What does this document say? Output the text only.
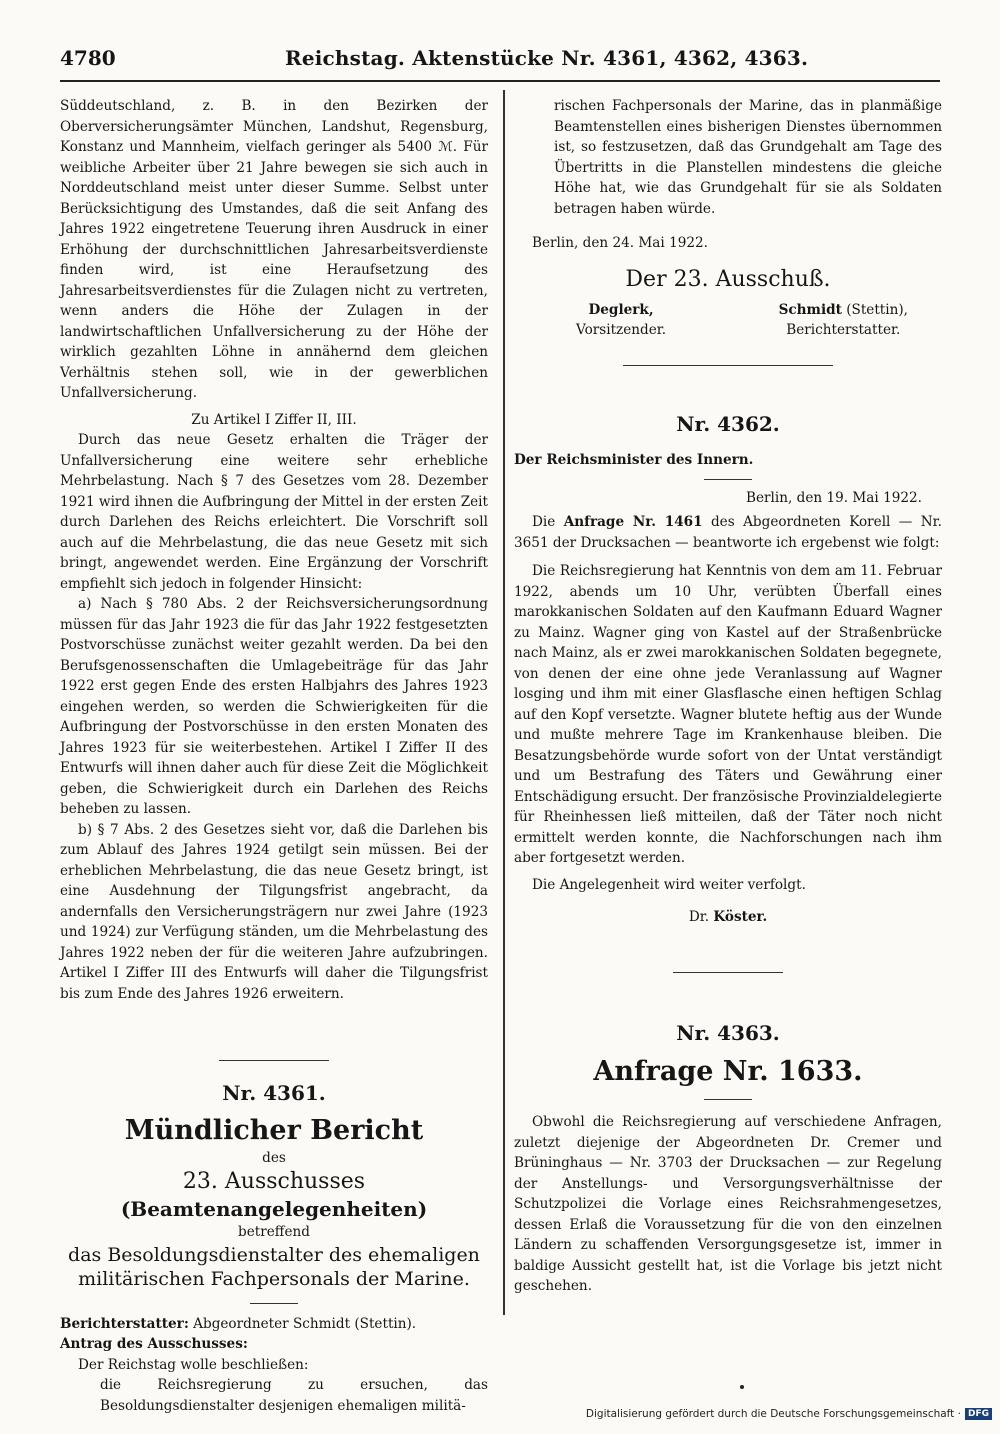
4780	Reichstag. Aktenstücke Nr. 4361, 4362, 4363.

Süddeutschland, z. B. in den Bezirken der Oberversicherungsämter München, Landshut, Regensburg, Konstanz und Mannheim, vielfach geringer als 5400 ℳ. Für weibliche Arbeiter über 21 Jahre bewegen sie sich auch in Norddeutschland meist unter dieser Summe. Selbst unter Berücksichtigung des Umstandes, daß die seit Anfang des Jahres 1922 eingetretene Teuerung ihren Ausdruck in einer Erhöhung der durchschnittlichen Jahresarbeitsverdienste finden wird, ist eine Heraufsetzung des Jahresarbeitsverdienstes für die Zulagen nicht zu vertreten, wenn anders die Höhe der Zulagen in der landwirtschaftlichen Unfallversicherung zu der Höhe der wirklich gezahlten Löhne in annähernd dem gleichen Verhältnis stehen soll, wie in der gewerblichen Unfallversicherung.

Zu Artikel I Ziffer II, III.

Durch das neue Gesetz erhalten die Träger der Unfallversicherung eine weitere sehr erhebliche Mehrbelastung. Nach § 7 des Gesetzes vom 28. Dezember 1921 wird ihnen die Aufbringung der Mittel in der ersten Zeit durch Darlehen des Reichs erleichtert. Die Vorschrift soll auch auf die Mehrbelastung, die das neue Gesetz mit sich bringt, angewendet werden. Eine Ergänzung der Vorschrift empfiehlt sich jedoch in folgender Hinsicht:

a) Nach § 780 Abs. 2 der Reichsversicherungsordnung müssen für das Jahr 1923 die für das Jahr 1922 festgesetzten Postvorschüsse zunächst weiter gezahlt werden. Da bei den Berufsgenossenschaften die Umlagebeiträge für das Jahr 1922 erst gegen Ende des ersten Halbjahrs des Jahres 1923 eingehen werden, so werden die Schwierigkeiten für die Aufbringung der Postvorschüsse in den ersten Monaten des Jahres 1923 für sie weiterbestehen. Artikel I Ziffer II des Entwurfs will ihnen daher auch für diese Zeit die Möglichkeit geben, die Schwierigkeit durch ein Darlehen des Reichs beheben zu lassen.

b) § 7 Abs. 2 des Gesetzes sieht vor, daß die Darlehen bis zum Ablauf des Jahres 1924 getilgt sein müssen. Bei der erheblichen Mehrbelastung, die das neue Gesetz bringt, ist eine Ausdehnung der Tilgungsfrist angebracht, da andernfalls den Versicherungsträgern nur zwei Jahre (1923 und 1924) zur Verfügung ständen, um die Mehrbelastung des Jahres 1922 neben der für die weiteren Jahre aufzubringen. Artikel I Ziffer III des Entwurfs will daher die Tilgungsfrist bis zum Ende des Jahres 1926 erweitern.

Nr. 4361.
Mündlicher Bericht
des
23. Ausschusses
(Beamtenangelegenheiten)
betreffend
das Besoldungsdienstalter des ehemaligen militärischen Fachpersonals der Marine.

Berichterstatter: Abgeordneter Schmidt (Stettin).

Antrag des Ausschusses:

Der Reichstag wolle beschließen:

die Reichsregierung zu ersuchen, das Besoldungsdienstalter desjenigen ehemaligen militä-

rischen Fachpersonals der Marine, das in planmäßige Beamtenstellen eines bisherigen Dienstes übernommen ist, so festzusetzen, daß das Grundgehalt am Tage des Übertritts in die Planstellen mindestens die gleiche Höhe hat, wie das Grundgehalt für sie als Soldaten betragen haben würde.

Berlin, den 24. Mai 1922.

Der 23. Ausschuß.
Deglerk,
Vorsitzender.
Schmidt (Stettin),
Berichterstatter.
Nr. 4362.

Der Reichsminister des Innern.

Berlin, den 19. Mai 1922.

Die Anfrage Nr. 1461 des Abgeordneten Korell — Nr. 3651 der Drucksachen — beantworte ich ergebenst wie folgt:

Die Reichsregierung hat Kenntnis von dem am 11. Februar 1922, abends um 10 Uhr, verübten Überfall eines marokkanischen Soldaten auf den Kaufmann Eduard Wagner zu Mainz. Wagner ging von Kastel auf der Straßenbrücke nach Mainz, als er zwei marokkanischen Soldaten begegnete, von denen der eine ohne jede Veranlassung auf Wagner losging und ihm mit einer Glasflasche einen heftigen Schlag auf den Kopf versetzte. Wagner blutete heftig aus der Wunde und mußte mehrere Tage im Krankenhause bleiben. Die Besatzungsbehörde wurde sofort von der Untat verständigt und um Bestrafung des Täters und Gewährung einer Entschädigung ersucht. Der französische Provinzialdelegierte für Rheinhessen ließ mitteilen, daß der Täter noch nicht ermittelt werden konnte, die Nachforschungen nach ihm aber fortgesetzt werden.

Die Angelegenheit wird weiter verfolgt.

Dr. Köster.

Nr. 4363.
Anfrage Nr. 1633.

Obwohl die Reichsregierung auf verschiedene Anfragen, zuletzt diejenige der Abgeordneten Dr. Cremer und Brüninghaus — Nr. 3703 der Drucksachen — zur Regelung der Anstellungs- und Versorgungsverhältnisse der Schutzpolizei die Vorlage eines Reichsrahmengesetzes, dessen Erlaß die Voraussetzung für die von den einzelnen Ländern zu schaffenden Versorgungsgesetze ist, immer in baldige Aussicht gestellt hat, ist die Vorlage bis jetzt nicht geschehen.

Digitalisierung gefördert durch die Deutsche Forschungsgemeinschaft · DFG
